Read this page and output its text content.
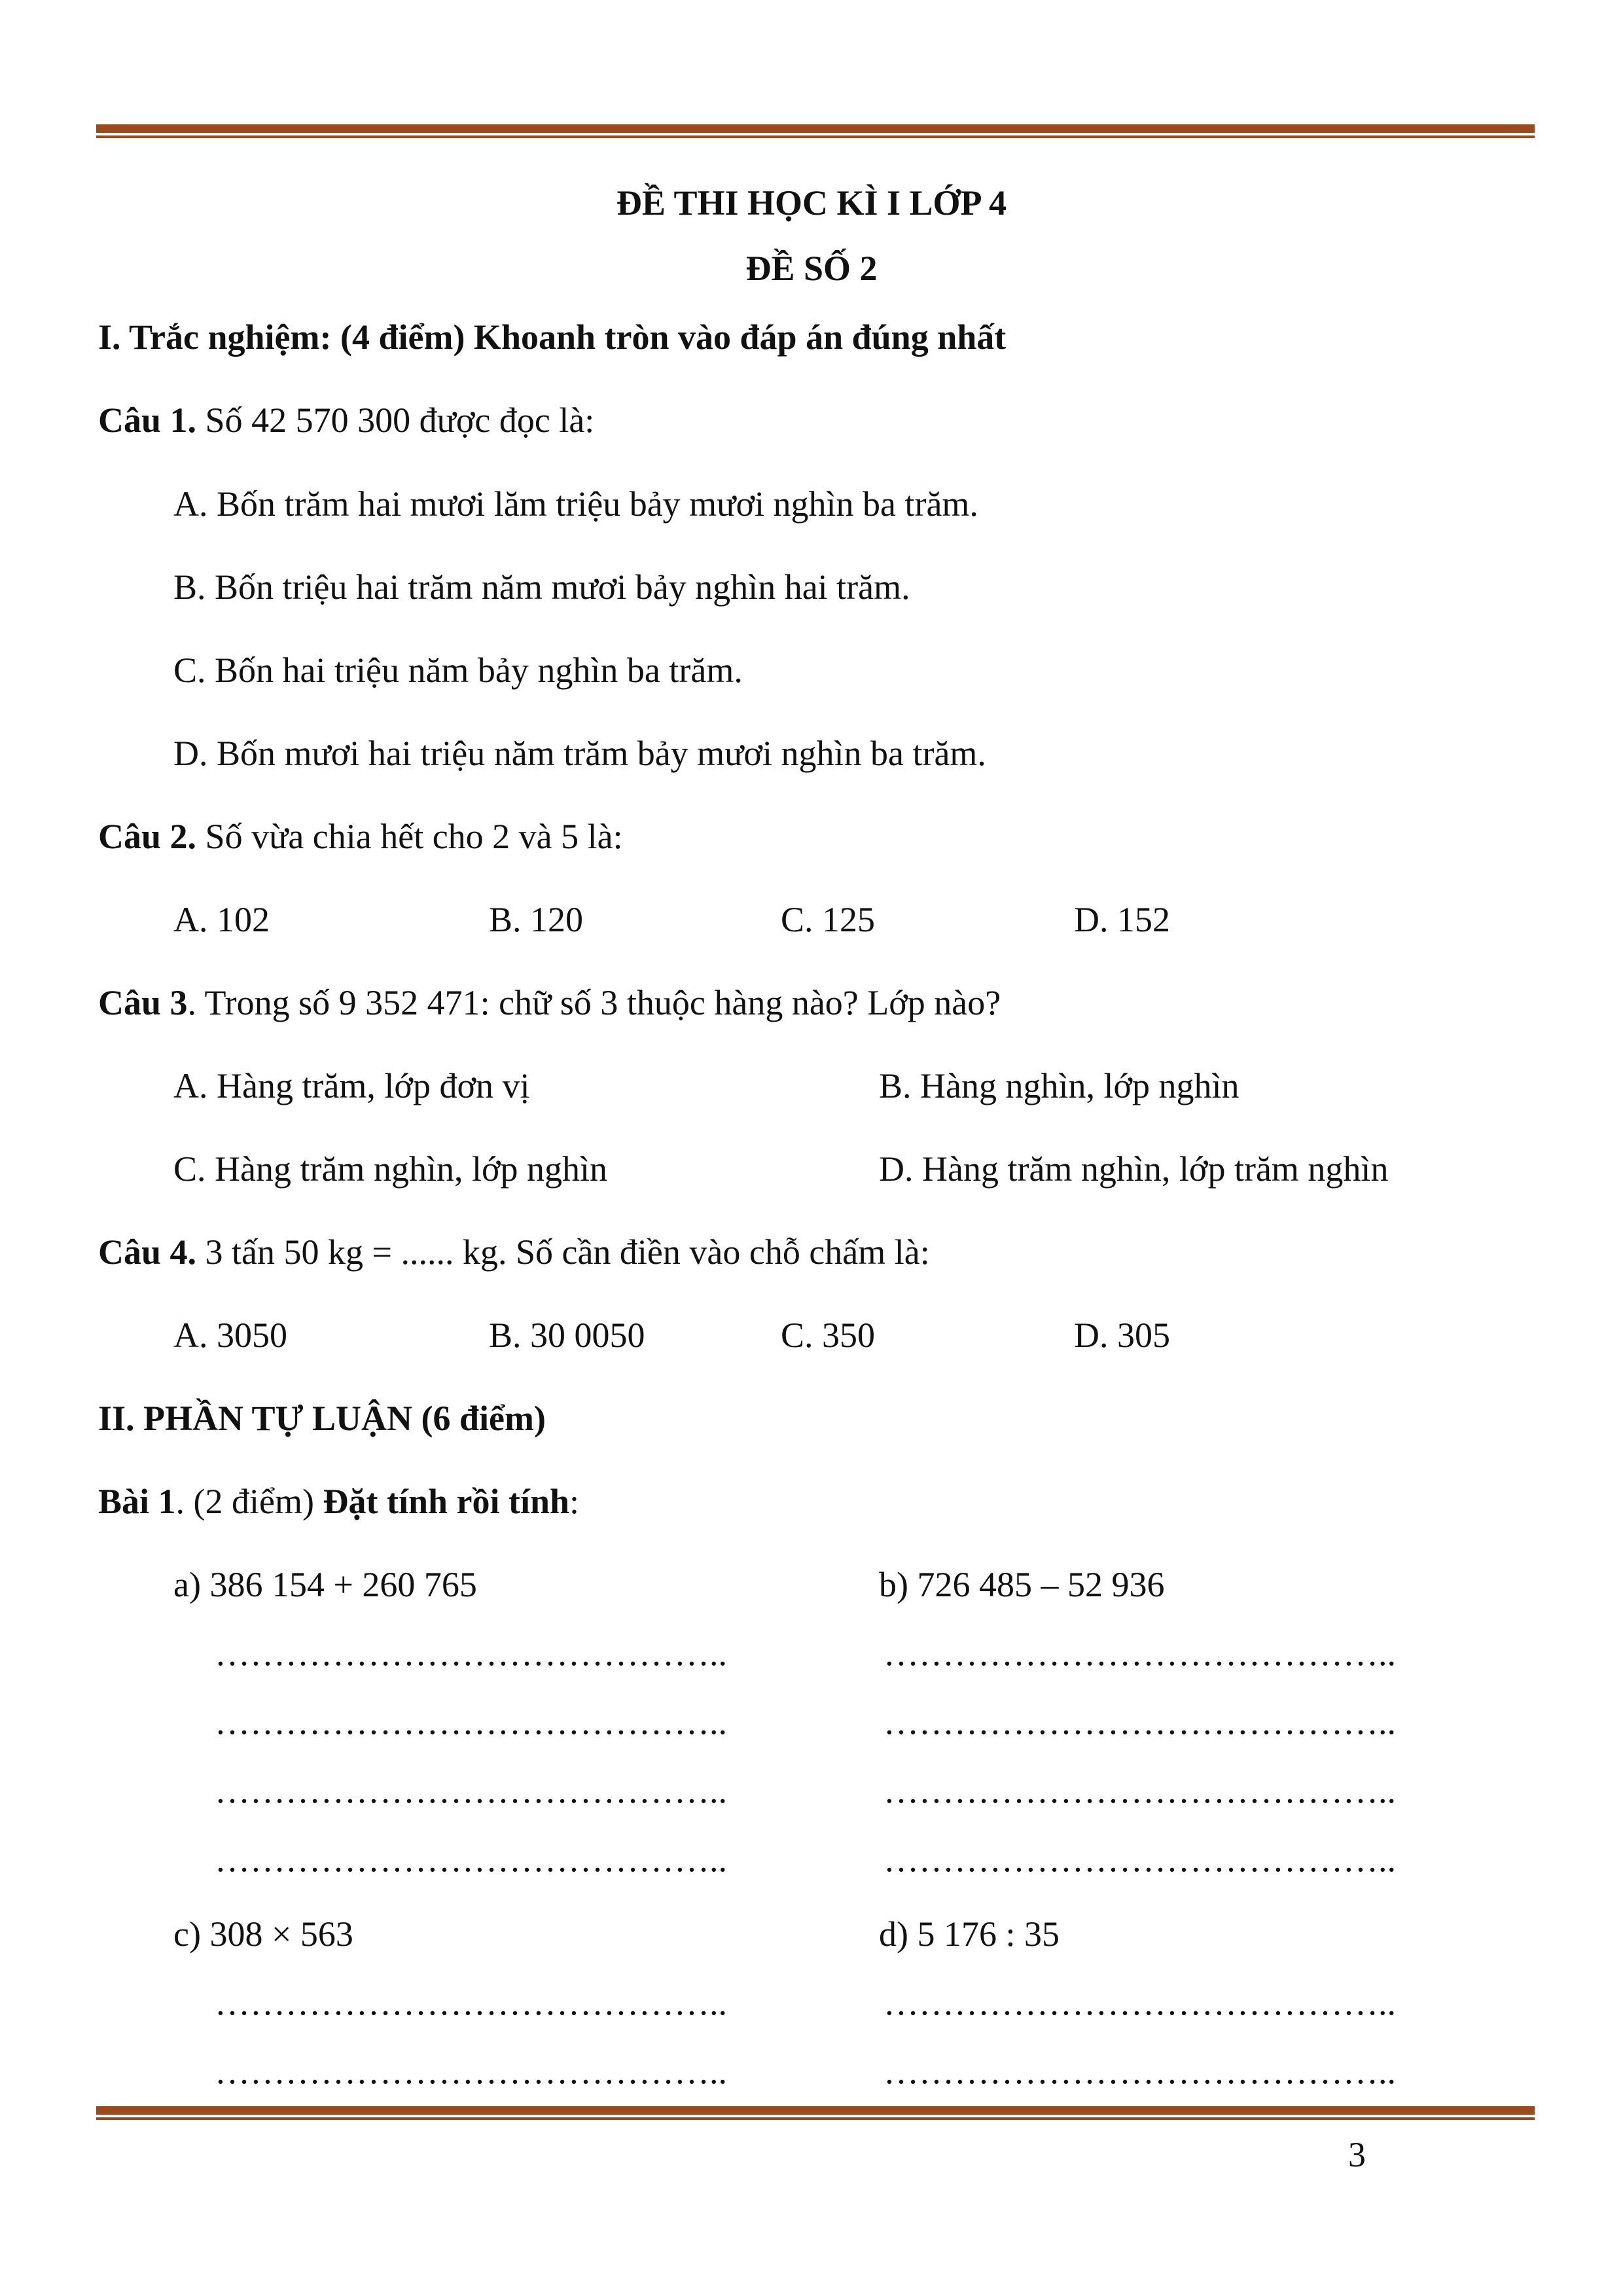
ĐỀ THI HỌC KÌ I LỚP 4
ĐỀ SỐ 2
I. Trắc nghiệm: (4 điểm) Khoanh tròn vào đáp án đúng nhất
Câu 1. Số 42 570 300 được đọc là:
A. Bốn trăm hai mươi lăm triệu bảy mươi nghìn ba trăm.
B. Bốn triệu hai trăm năm mươi bảy nghìn hai trăm.
C. Bốn hai triệu năm bảy nghìn ba trăm.
D. Bốn mươi hai triệu năm trăm bảy mươi nghìn ba trăm.
Câu 2. Số vừa chia hết cho 2 và 5 là:
A. 102	B. 120	C. 125	D. 152
Câu 3. Trong số 9 352 471: chữ số 3 thuộc hàng nào? Lớp nào?
A. Hàng trăm, lớp đơn vị	B. Hàng nghìn, lớp nghìn
C. Hàng trăm nghìn, lớp nghìn	D. Hàng trăm nghìn, lớp trăm nghìn
Câu 4. 3 tấn 50 kg = ...... kg. Số cần điền vào chỗ chấm là:
A. 3050	B. 30 0050	C. 350	D. 305
II. PHẦN TỰ LUẬN (6 điểm)
Bài 1. (2 điểm) Đặt tính rồi tính:
a) 386 154 + 260 765	b) 726 485 – 52 936
……………………………………..	……………………………………..
……………………………………..	……………………………………..
……………………………………..	……………………………………..
……………………………………..	……………………………………..
c) 308 × 563	d) 5 176 : 35
……………………………………..	……………………………………..
……………………………………..	……………………………………..
3
